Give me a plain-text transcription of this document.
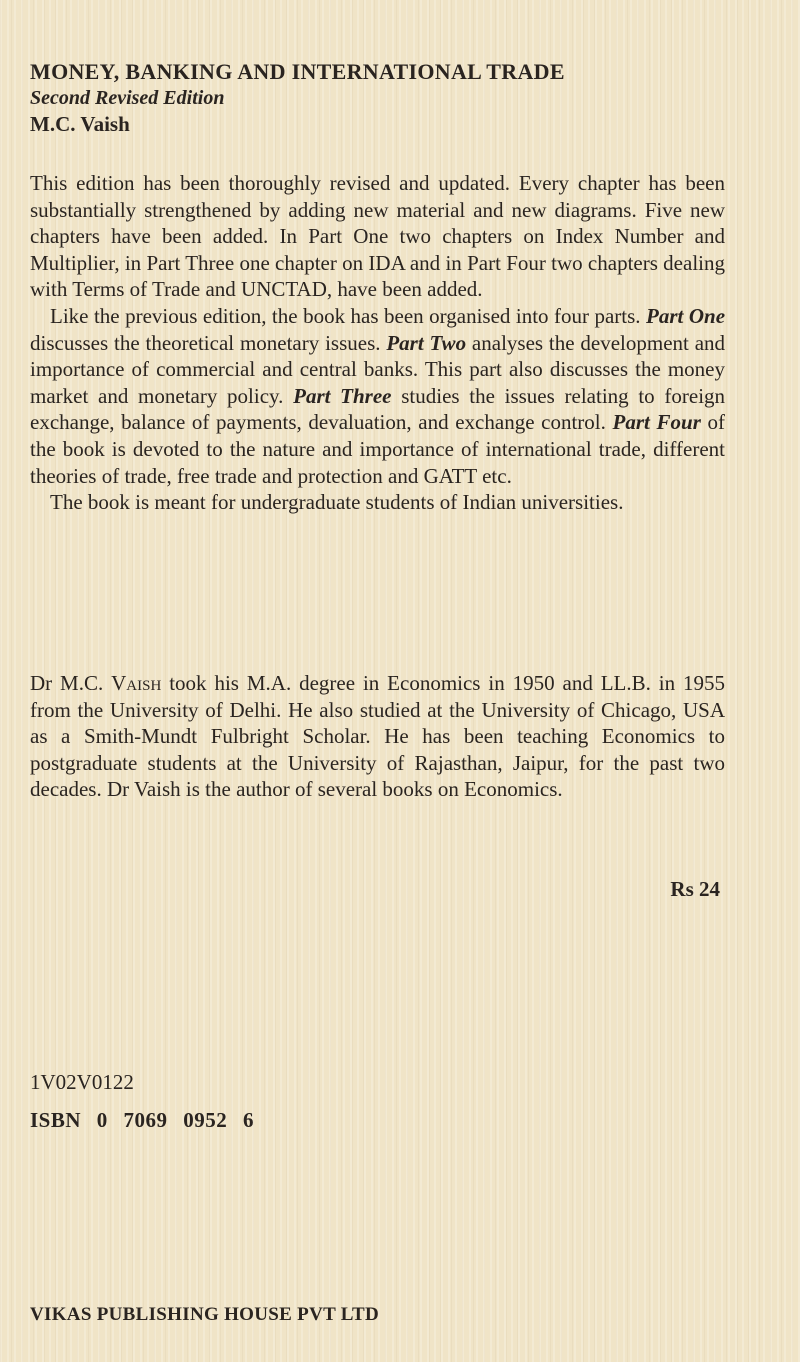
MONEY, BANKING AND INTERNATIONAL TRADE
Second Revised Edition
M.C. Vaish

This edition has been thoroughly revised and updated. Every chapter has been substantially strengthened by adding new material and new diagrams. Five new chapters have been added. In Part One two chapters on Index Number and Multiplier, in Part Three one chapter on IDA and in Part Four two chapters dealing with Terms of Trade and UNCTAD, have been added.

Like the previous edition, the book has been organised into four parts. Part One discusses the theoretical monetary issues. Part Two analyses the development and importance of commercial and central banks. This part also discusses the money market and monetary policy. Part Three studies the issues relating to foreign exchange, balance of payments, devaluation, and exchange control. Part Four of the book is devoted to the nature and importance of international trade, different theories of trade, free trade and protection and GATT etc.

The book is meant for undergraduate students of Indian universities.

Dr M.C. Vaish took his M.A. degree in Economics in 1950 and LL.B. in 1955 from the University of Delhi. He also studied at the University of Chicago, USA as a Smith-Mundt Fulbright Scholar. He has been teaching Economics to postgraduate students at the University of Rajasthan, Jaipur, for the past two decades. Dr Vaish is the author of several books on Economics.

Rs 24
1V02V0122
ISBN 0 7069 0952 6
VIKAS PUBLISHING HOUSE PVT LTD
